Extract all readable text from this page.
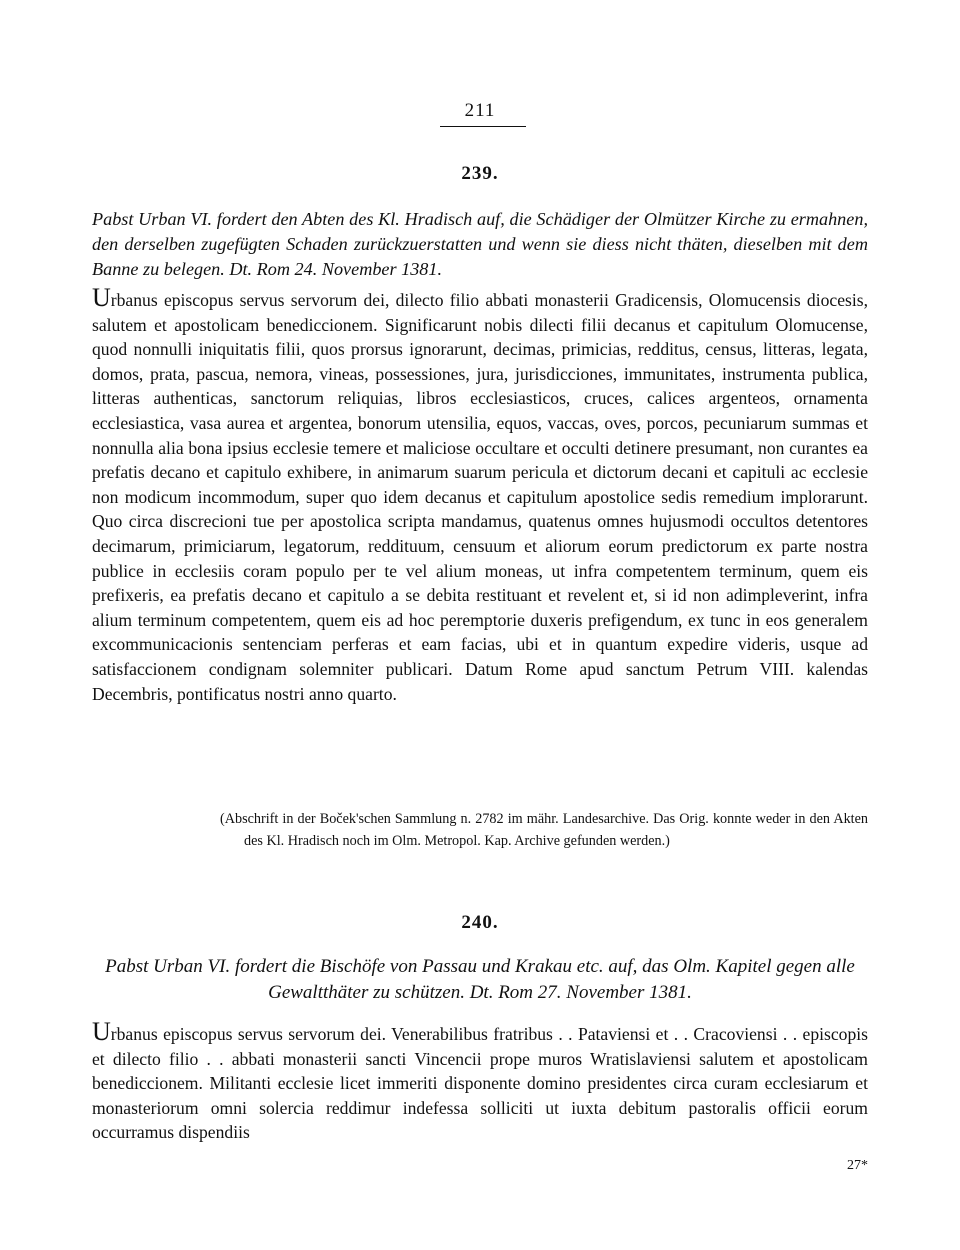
211
239.
Pabst Urban VI. fordert den Abten des Kl. Hradisch auf, die Schädiger der Olmützer Kirche zu ermahnen, den derselben zugefügten Schaden zurückzuerstatten und wenn sie diess nicht thäten, dieselben mit dem Banne zu belegen. Dt. Rom 24. November 1381.
Urbanus episcopus servus servorum dei, dilecto filio abbati monasterii Gradicensis, Olomucensis diocesis, salutem et apostolicam benediccionem. Significarunt nobis dilecti filii decanus et capitulum Olomucense, quod nonnulli iniquitatis filii, quos prorsus ignorarunt, decimas, primicias, redditus, census, litteras, legata, domos, prata, pascua, nemora, vineas, possessiones, jura, jurisdicciones, immunitates, instrumenta publica, litteras authenticas, sanctorum reliquias, libros ecclesiasticos, cruces, calices argenteos, ornamenta ecclesiastica, vasa aurea et argentea, bonorum utensilia, equos, vaccas, oves, porcos, pecuniarum summas et nonnulla alia bona ipsius ecclesie temere et maliciose occultare et occulti detinere presumant, non curantes ea prefatis decano et capitulo exhibere, in animarum suarum pericula et dictorum decani et capituli ac ecclesie non modicum incommodum, super quo idem decanus et capitulum apostolice sedis remedium implorarunt. Quo circa discrecioni tue per apostolica scripta mandamus, quatenus omnes hujusmodi occultos detentores decimarum, primiciarum, legatorum, reddituum, censuum et aliorum eorum predictorum ex parte nostra publice in ecclesiis coram populo per te vel alium moneas, ut infra competentem terminum, quem eis prefixeris, ea prefatis decano et capitulo a se debita restituant et revelent et, si id non adimpleverint, infra alium terminum competentem, quem eis ad hoc peremptorie duxeris prefigendum, ex tunc in eos generalem excommunicacionis sentenciam perferas et eam facias, ubi et in quantum expedire videris, usque ad satisfaccionem condignam solemniter publicari. Datum Rome apud sanctum Petrum VIII. kalendas Decembris, pontificatus nostri anno quarto.
(Abschrift in der Boček'schen Sammlung n. 2782 im mähr. Landesarchive. Das Orig. konnte weder in den Akten des Kl. Hradisch noch im Olm. Metropol. Kap. Archive gefunden werden.)
240.
Pabst Urban VI. fordert die Bischöfe von Passau und Krakau etc. auf, das Olm. Kapitel gegen alle Gewaltthäter zu schützen. Dt. Rom 27. November 1381.
Urbanus episcopus servus servorum dei. Venerabilibus fratribus . . Pataviensi et . . Cracoviensi . . episcopis et dilecto filio . . abbati monasterii sancti Vincencii prope muros Wratislaviensi salutem et apostolicam benediccionem. Militanti ecclesie licet immeriti disponente domino presidentes circa curam ecclesiarum et monasteriorum omni solercia reddimur indefessa solliciti ut iuxta debitum pastoralis officii eorum occurramus dispendiis
27*
